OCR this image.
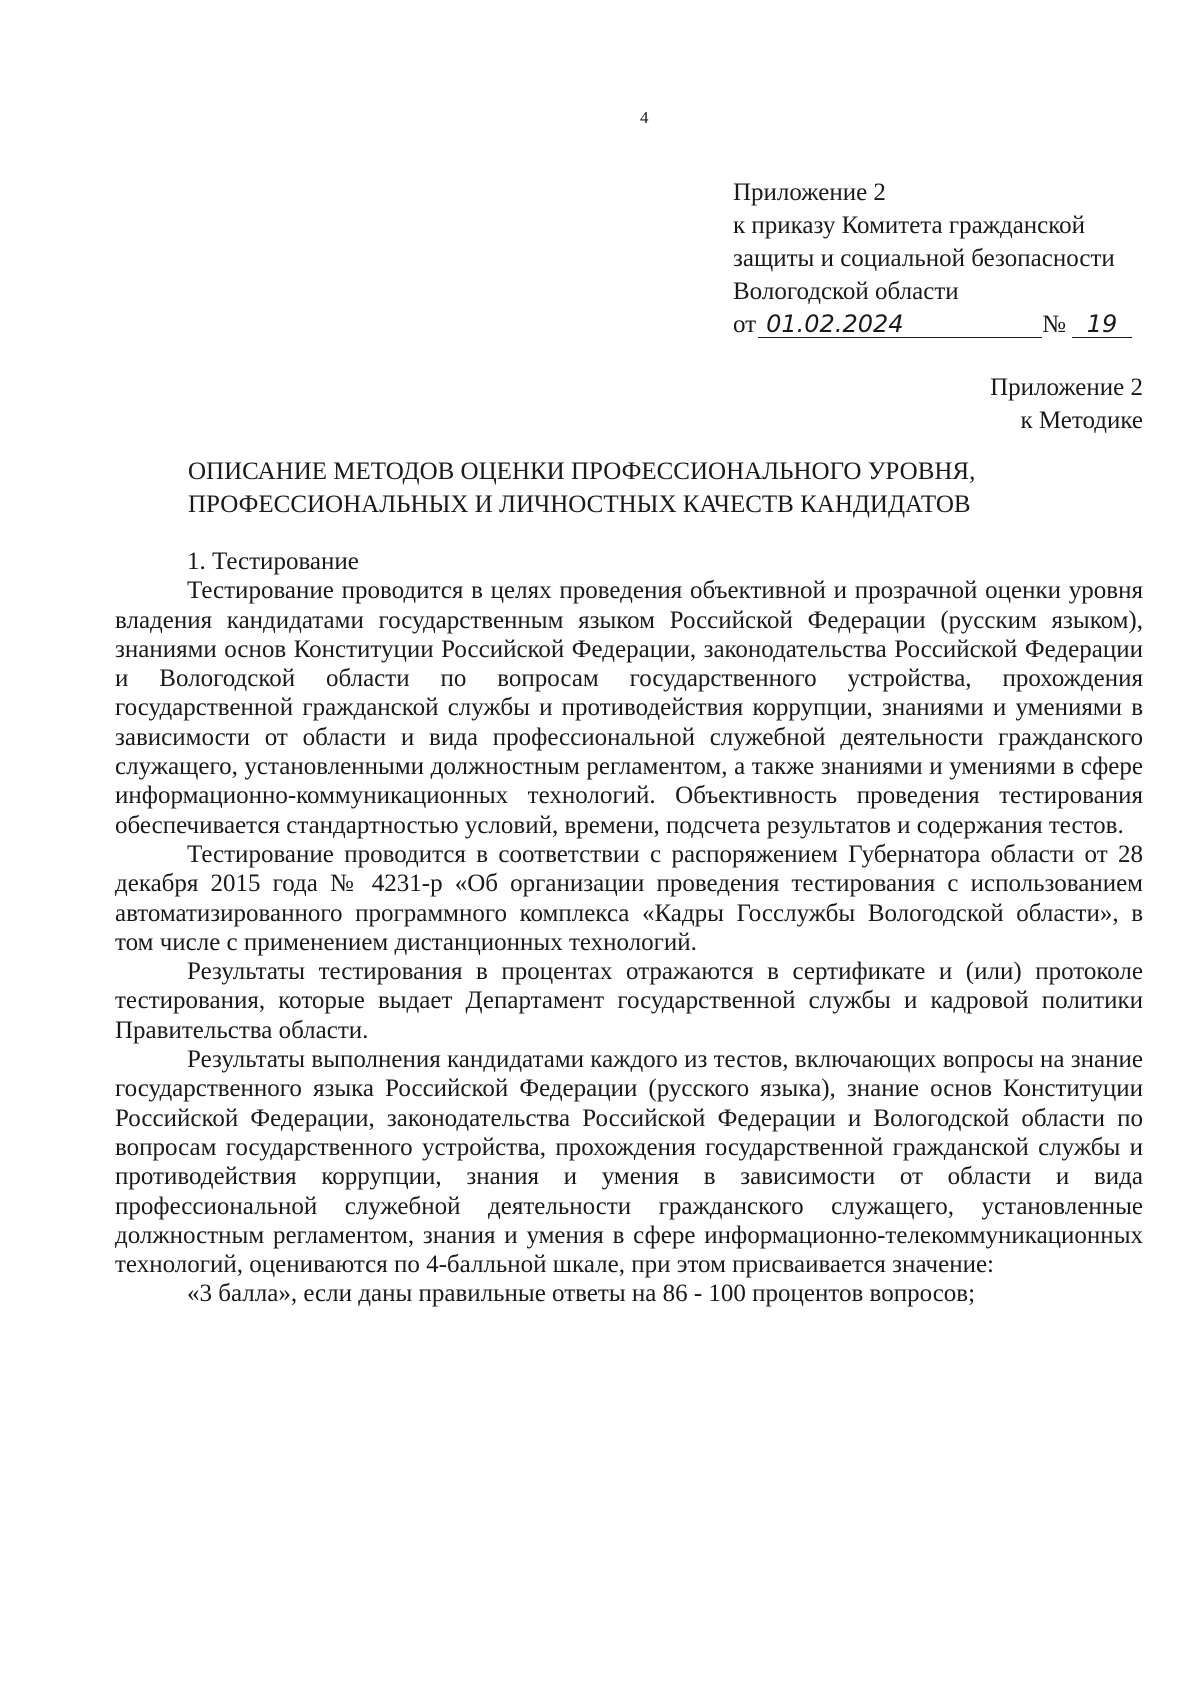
4
Приложение 2
к приказу Комитета гражданской
защиты и социальной безопасности
Вологодской области
от 01.02.2024	№ 19
Приложение 2
к Методике
ОПИСАНИЕ МЕТОДОВ ОЦЕНКИ ПРОФЕССИОНАЛЬНОГО УРОВНЯ,
ПРОФЕССИОНАЛЬНЫХ И ЛИЧНОСТНЫХ КАЧЕСТВ КАНДИДАТОВ

1. Тестирование

Тестирование проводится в целях проведения объективной и прозрачной оценки уровня владения кандидатами государственным языком Российской Федерации (русским языком), знаниями основ Конституции Российской Федерации, законодательства Российской Федерации и Вологодской области по вопросам государственного устройства, прохождения государственной гражданской службы и противодействия коррупции, знаниями и умениями в зависимости от области и вида профессиональной служебной деятельности гражданского служащего, установленными должностным регламентом, а также знаниями и умениями в сфере информационно-коммуникационных технологий. Объективность проведения тестирования обеспечивается стандартностью условий, времени, подсчета результатов и содержания тестов.

Тестирование проводится в соответствии с распоряжением Губернатора области от 28 декабря 2015 года № 4231-р «Об организации проведения тестирования с использованием автоматизированного программного комплекса «Кадры Госслужбы Вологодской области», в том числе с применением дистанционных технологий.

Результаты тестирования в процентах отражаются в сертификате и (или) протоколе тестирования, которые выдает Департамент государственной службы и кадровой политики Правительства области.

Результаты выполнения кандидатами каждого из тестов, включающих вопросы на знание государственного языка Российской Федерации (русского языка), знание основ Конституции Российской Федерации, законодательства Российской Федерации и Вологодской области по вопросам государственного устройства, прохождения государственной гражданской службы и противодействия коррупции, знания и умения в зависимости от области и вида профессиональной служебной деятельности гражданского служащего, установленные должностным регламентом, знания и умения в сфере информационно-телекоммуникационных технологий, оцениваются по 4-балльной шкале, при этом присваивается значение:

«3 балла», если даны правильные ответы на 86 - 100 процентов вопросов;
